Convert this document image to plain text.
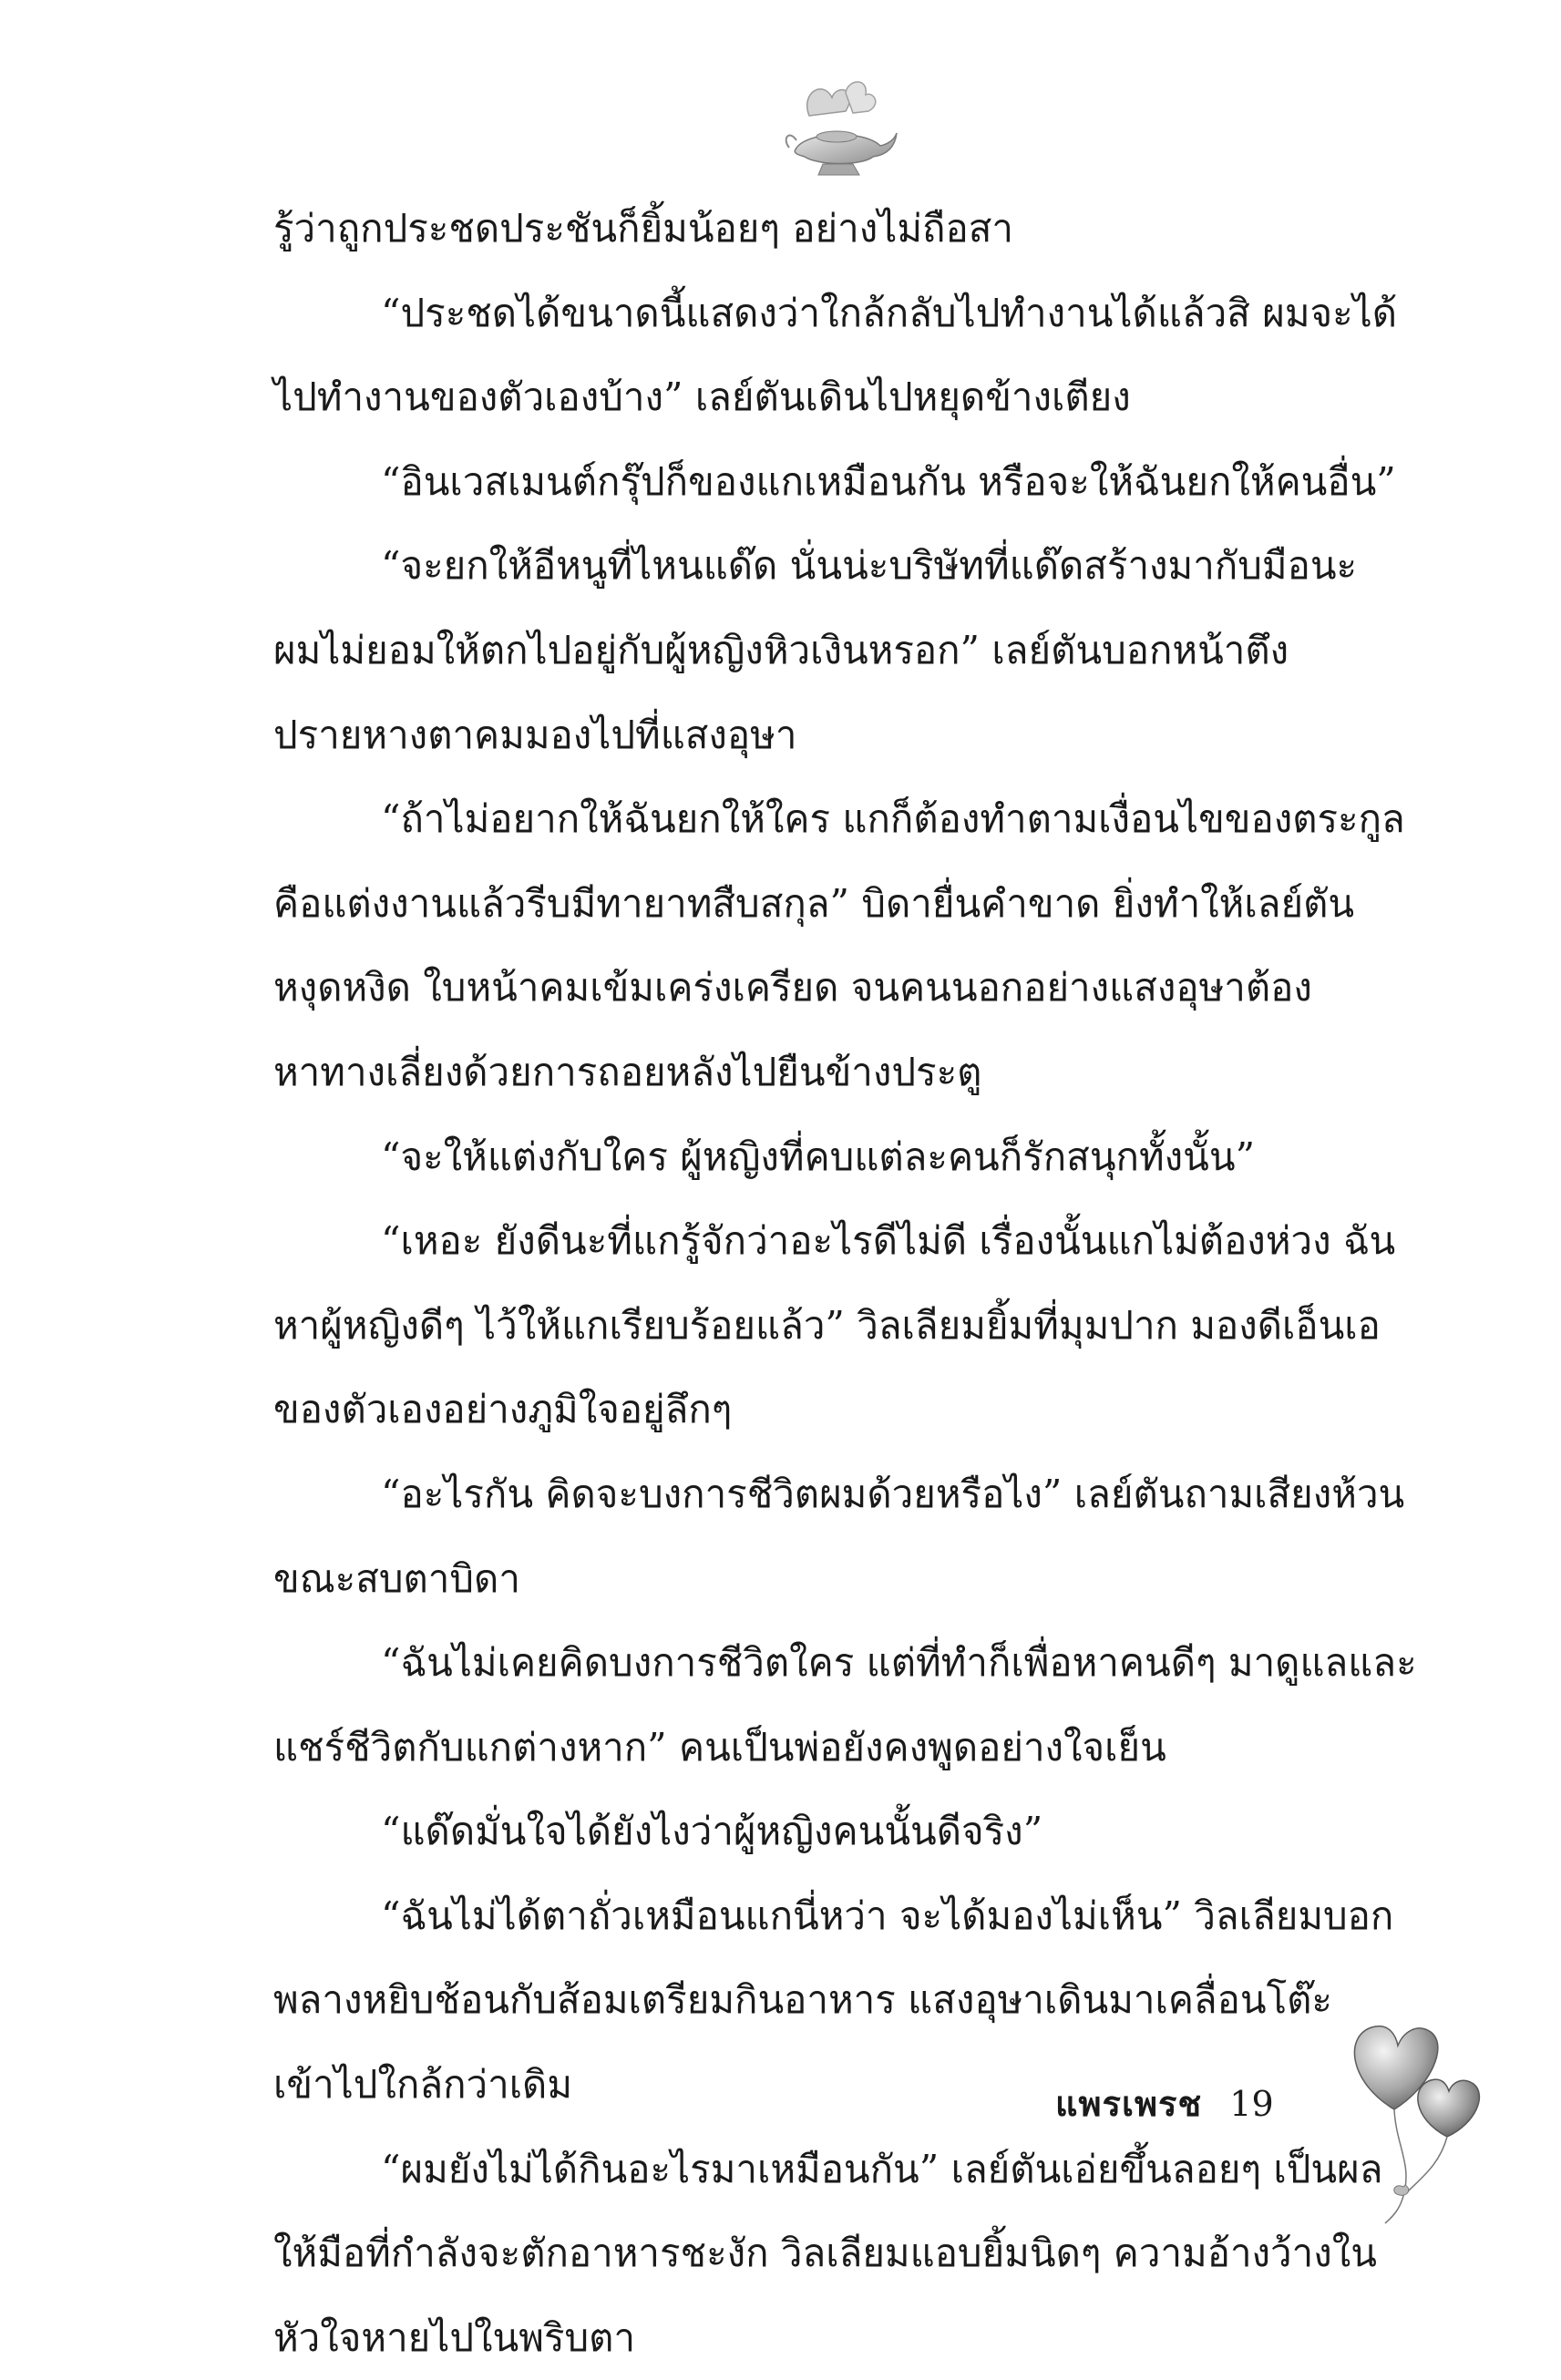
รู้ว่าถูกประชดประชันก็ยิ้มน้อยๆ อย่างไม่ถือสา
“ประชดได้ขนาดนี้แสดงว่าใกล้กลับไปทำงานได้แล้วสิ ผมจะได้
ไปทำงานของตัวเองบ้าง” เลย์ตันเดินไปหยุดข้างเตียง
“อินเวสเมนต์กรุ๊ปก็ของแกเหมือนกัน หรือจะให้ฉันยกให้คนอื่น”
“จะยกให้อีหนูที่ไหนแด๊ด นั่นน่ะบริษัทที่แด๊ดสร้างมากับมือนะ
ผมไม่ยอมให้ตกไปอยู่กับผู้หญิงหิวเงินหรอก” เลย์ตันบอกหน้าตึง
ปรายหางตาคมมองไปที่แสงอุษา
“ถ้าไม่อยากให้ฉันยกให้ใคร แกก็ต้องทำตามเงื่อนไขของตระกูล
คือแต่งงานแล้วรีบมีทายาทสืบสกุล” บิดายื่นคำขาด ยิ่งทำให้เลย์ตัน
หงุดหงิด ใบหน้าคมเข้มเคร่งเครียด จนคนนอกอย่างแสงอุษาต้อง
หาทางเลี่ยงด้วยการถอยหลังไปยืนข้างประตู
“จะให้แต่งกับใคร ผู้หญิงที่คบแต่ละคนก็รักสนุกทั้งนั้น”
“เหอะ ยังดีนะที่แกรู้จักว่าอะไรดีไม่ดี เรื่องนั้นแกไม่ต้องห่วง ฉัน
หาผู้หญิงดีๆ ไว้ให้แกเรียบร้อยแล้ว” วิลเลียมยิ้มที่มุมปาก มองดีเอ็นเอ
ของตัวเองอย่างภูมิใจอยู่ลึกๆ
“อะไรกัน คิดจะบงการชีวิตผมด้วยหรือไง” เลย์ตันถามเสียงห้วน
ขณะสบตาบิดา
“ฉันไม่เคยคิดบงการชีวิตใคร แต่ที่ทำก็เพื่อหาคนดีๆ มาดูแลและ
แชร์ชีวิตกับแกต่างหาก” คนเป็นพ่อยังคงพูดอย่างใจเย็น
“แด๊ดมั่นใจได้ยังไงว่าผู้หญิงคนนั้นดีจริง”
“ฉันไม่ได้ตาถั่วเหมือนแกนี่หว่า จะได้มองไม่เห็น” วิลเลียมบอก
พลางหยิบช้อนกับส้อมเตรียมกินอาหาร แสงอุษาเดินมาเคลื่อนโต๊ะ
เข้าไปใกล้กว่าเดิม
“ผมยังไม่ได้กินอะไรมาเหมือนกัน” เลย์ตันเอ่ยขึ้นลอยๆ เป็นผล
ให้มือที่กำลังจะตักอาหารชะงัก วิลเลียมแอบยิ้มนิดๆ ความอ้างว้างใน
หัวใจหายไปในพริบตา
แพรเพรช 19
